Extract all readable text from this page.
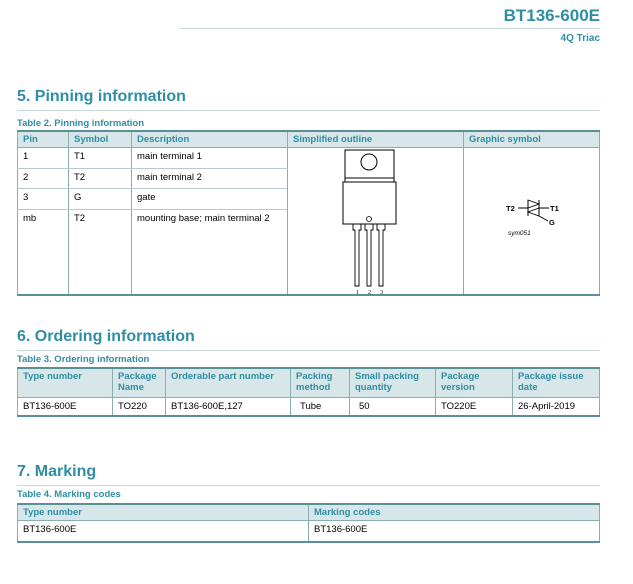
BT136-600E
4Q Triac
5. Pinning information
Table 2. Pinning information
Pin	Symbol	Description	Simplified outline	Graphic symbol
1	T1	main terminal 1	1 2 3	T2 T1
G
sym051

2	T2	main terminal 2		
3	G	gate		
mb	T2	mounting base; main terminal 2		
6. Ordering information
Table 3. Ordering information
Type number	Package Name	Orderable part number	Packing method	Small packing quantity	Package version	Package issue date
BT136-600E	TO220	BT136-600E,127	Tube	50	TO220E	26-April-2019
7. Marking
Table 4. Marking codes
Type number	Marking codes
BT136-600E	BT136-600E
